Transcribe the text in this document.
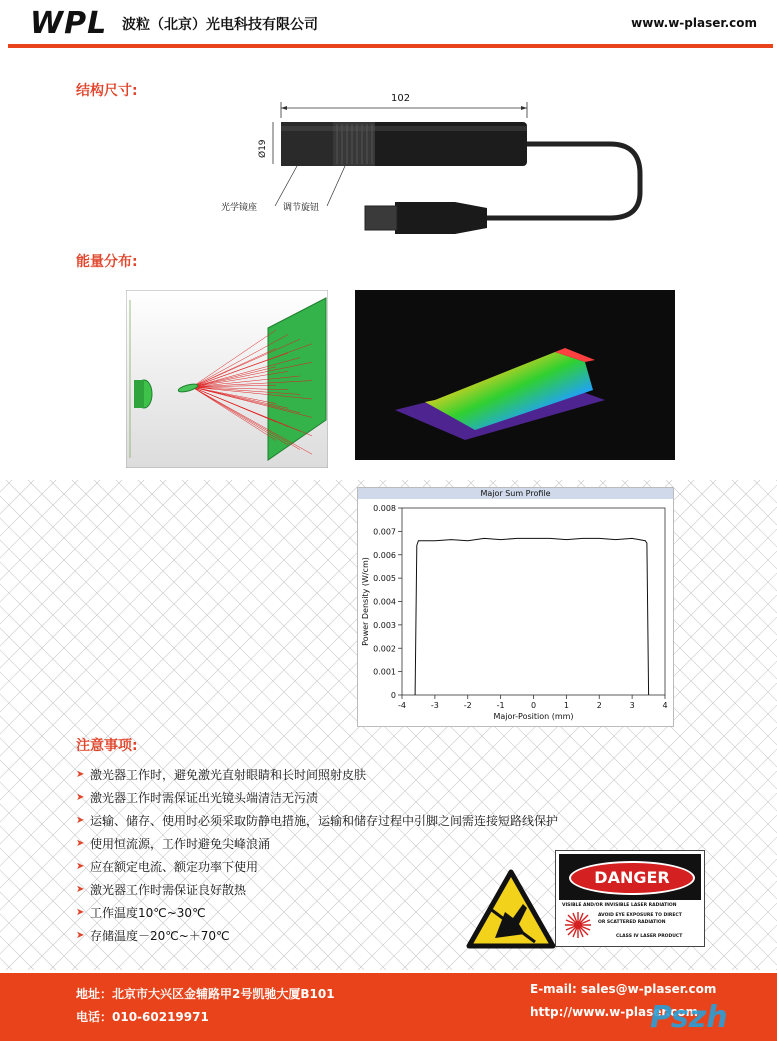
WPL 波粒（北京）光电科技有限公司	www.w-plaser.com
结构尺寸:	102
Ø19
光学镜座	调节旋钮
能量分布:
Major Sum Profile
-4	-3	-2	-1	0	1	2	3	4
0
0.001
0.002
0.003
0.004
0.005
0.006
0.007
0.008
Major-Position (mm)
Power Density (W/cm)
注意事项:
➤ 激光器工作时，避免激光直射眼睛和长时间照射皮肤
➤ 激光器工作时需保证出光镜头端清洁无污渍
➤ 运输、储存、使用时必须采取防静电措施，运输和储存过程中引脚之间需连接短路线保护
➤ 使用恒流源，工作时避免尖峰浪涌
➤ 应在额定电流、额定功率下使用
➤ 激光器工作时需保证良好散热
➤ 工作温度10℃~30℃
➤ 存储温度－20℃~＋70℃
DANGER
VISIBLE AND/OR INVISIBLE LASER RADIATION
AVOID EYE EXPOSURE TO DIRECT
OR SCATTERED RADIATION
CLASS IV LASER PRODUCT
地址：北京市大兴区金辅路甲2号凯驰大厦B101
电话：010-60219971
E-mail: sales@w-plaser.com
http://www.w-plaser.com
Pszh
